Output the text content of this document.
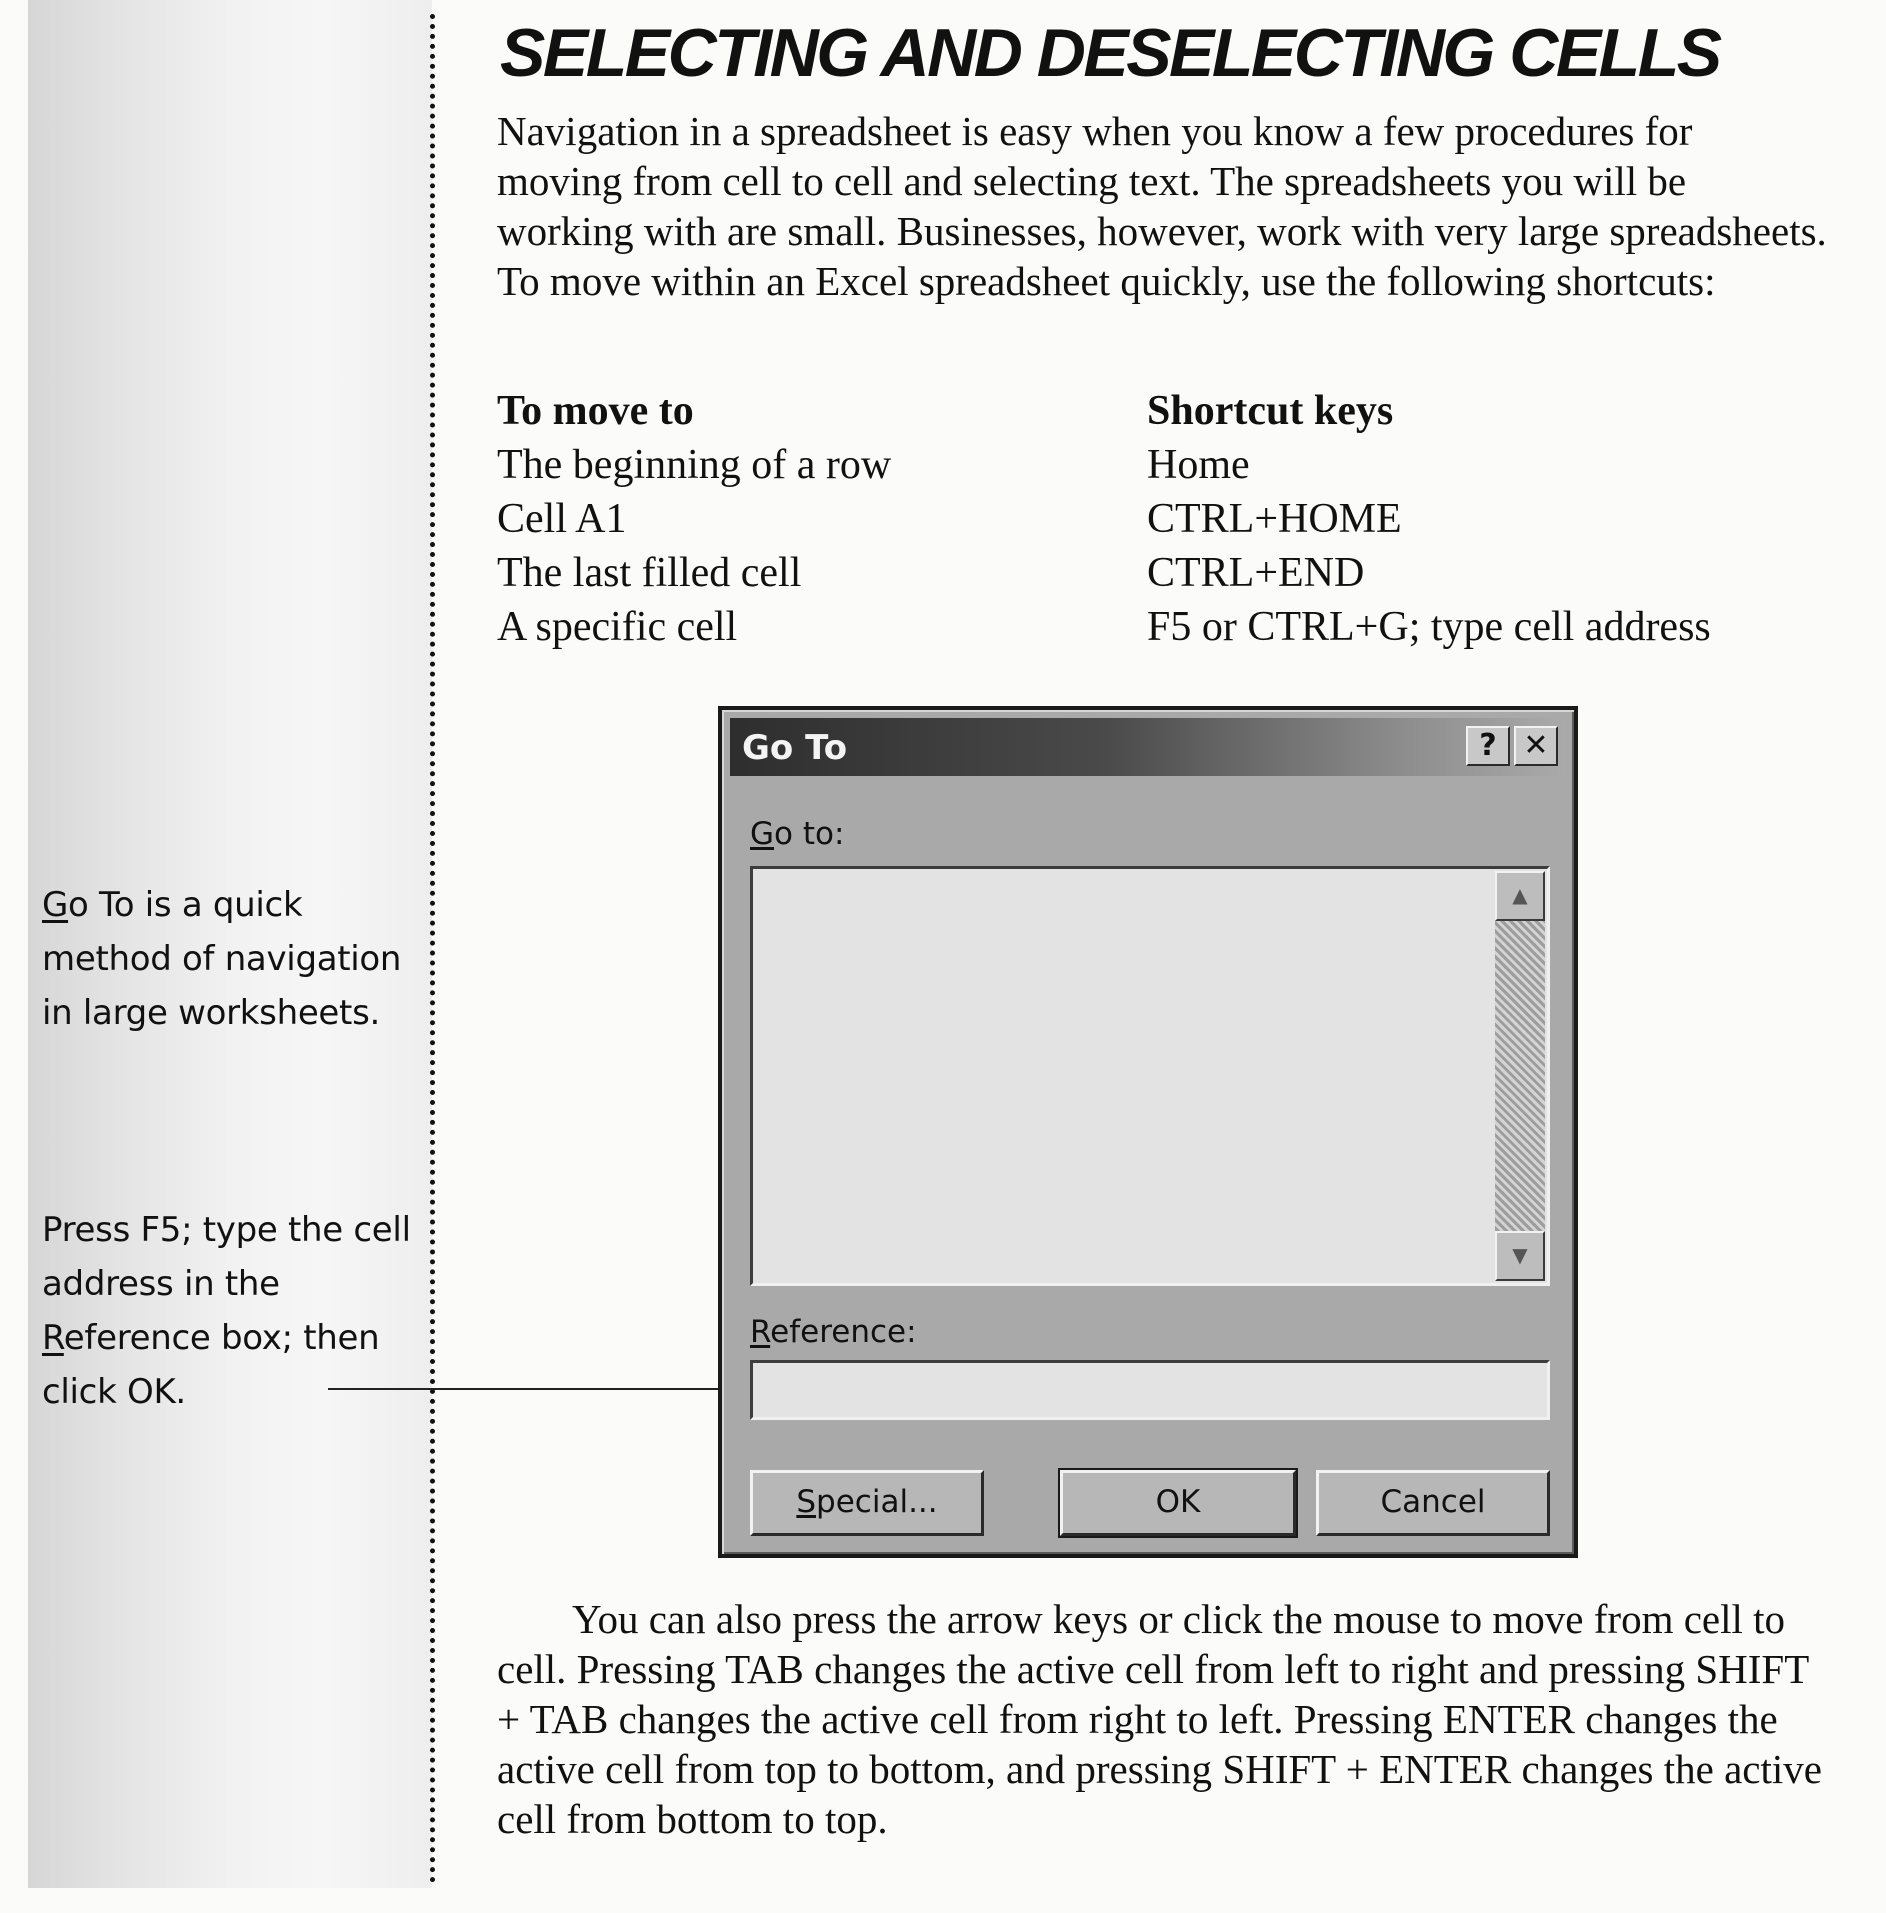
Go To is a quick method of navigation in large worksheets.
Press F5; type the cell address in the Reference box; then click OK.
SELECTING AND DESELECTING CELLS

Navigation in a spreadsheet is easy when you know a few procedures for moving from cell to cell and selecting text. The spreadsheets you will be working with are small. Businesses, however, work with very large spreadsheets. To move within an Excel spreadsheet quickly, use the following shortcuts:

To move to	Shortcut keys
The beginning of a row	Home
Cell A1	CTRL+HOME
The last filled cell	CTRL+END
A specific cell	F5 or CTRL+G; type cell address
Go To	? ✕
Go to:
▲
▼
Reference:
Special...	OK	Cancel

You can also press the arrow keys or click the mouse to move from cell to cell. Pressing TAB changes the active cell from left to right and pressing SHIFT + TAB changes the active cell from right to left. Pressing ENTER changes the active cell from top to bottom, and pressing SHIFT + ENTER changes the active cell from bottom to top.
